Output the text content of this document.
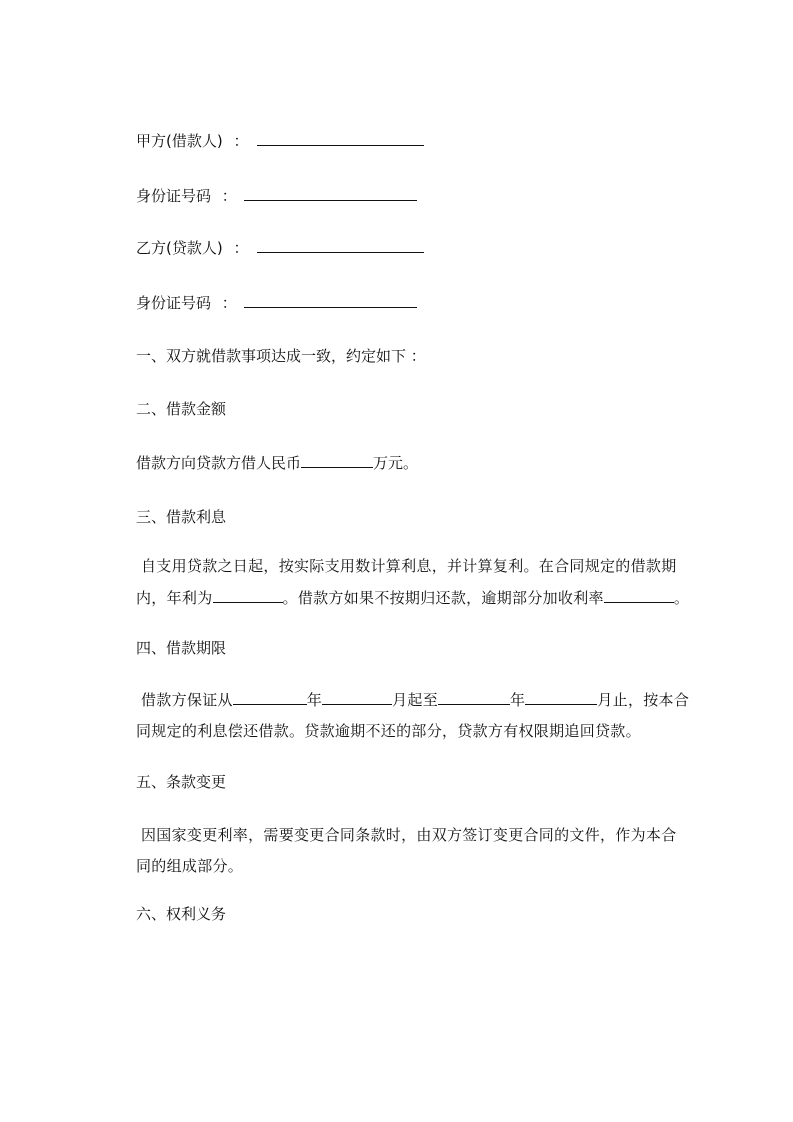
甲方(借款人) ：
身份证号码 ：
乙方(贷款人) ：
身份证号码 ：
一、双方就借款事项达成一致，约定如下 ：
二、借款金额
借款方向贷款方借人民币	万元。
三、借款利息
自支用贷款之日起，按实际支用数计算利息，并计算复利。在合同规定的借款期
内，年利为	。借款方如果不按期归还款，逾期部分加收利率	。
四、借款期限
借款方保证从	年	月起至	年	月止，按本合
同规定的利息偿还借款。贷款逾期不还的部分，贷款方有权限期追回贷款。
五、条款变更
因国家变更利率，需要变更合同条款时，由双方签订变更合同的文件，作为本合
同的组成部分。
六、权利义务
